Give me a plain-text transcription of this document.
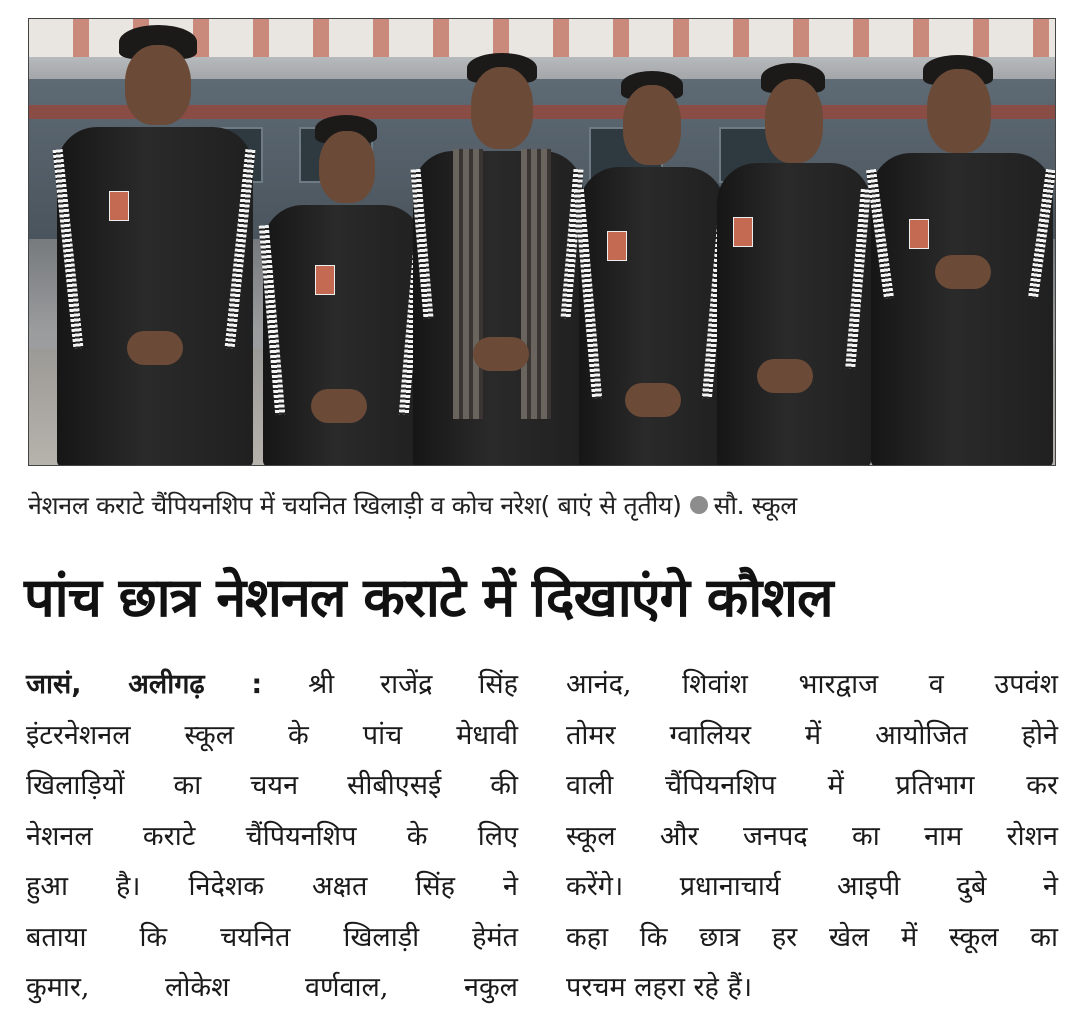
नेशनल कराटे चैंपियनशिप में चयनित खिलाड़ी व कोच नरेश( बाएं से तृतीय) सौ. स्कूल
पांच छात्र नेशनल कराटे में दिखाएंगे कौशल
जासं, अलीगढ़ : श्री राजेंद्र सिंह
इंटरनेशनल स्कूल के पांच मेधावी
खिलाड़ियों का चयन सीबीएसई की
नेशनल कराटे चैंपियनशिप के लिए
हुआ है। निदेशक अक्षत सिंह ने
बताया कि चयनित खिलाड़ी हेमंत
कुमार, लोकेश वर्णवाल, नकुल
आनंद, शिवांश भारद्वाज व उपवंश
तोमर ग्वालियर में आयोजित होने
वाली चैंपियनशिप में प्रतिभाग कर
स्कूल और जनपद का नाम रोशन
करेंगे। प्रधानाचार्य आइपी दुबे ने
कहा कि छात्र हर खेल में स्कूल का
परचम लहरा रहे हैं।
